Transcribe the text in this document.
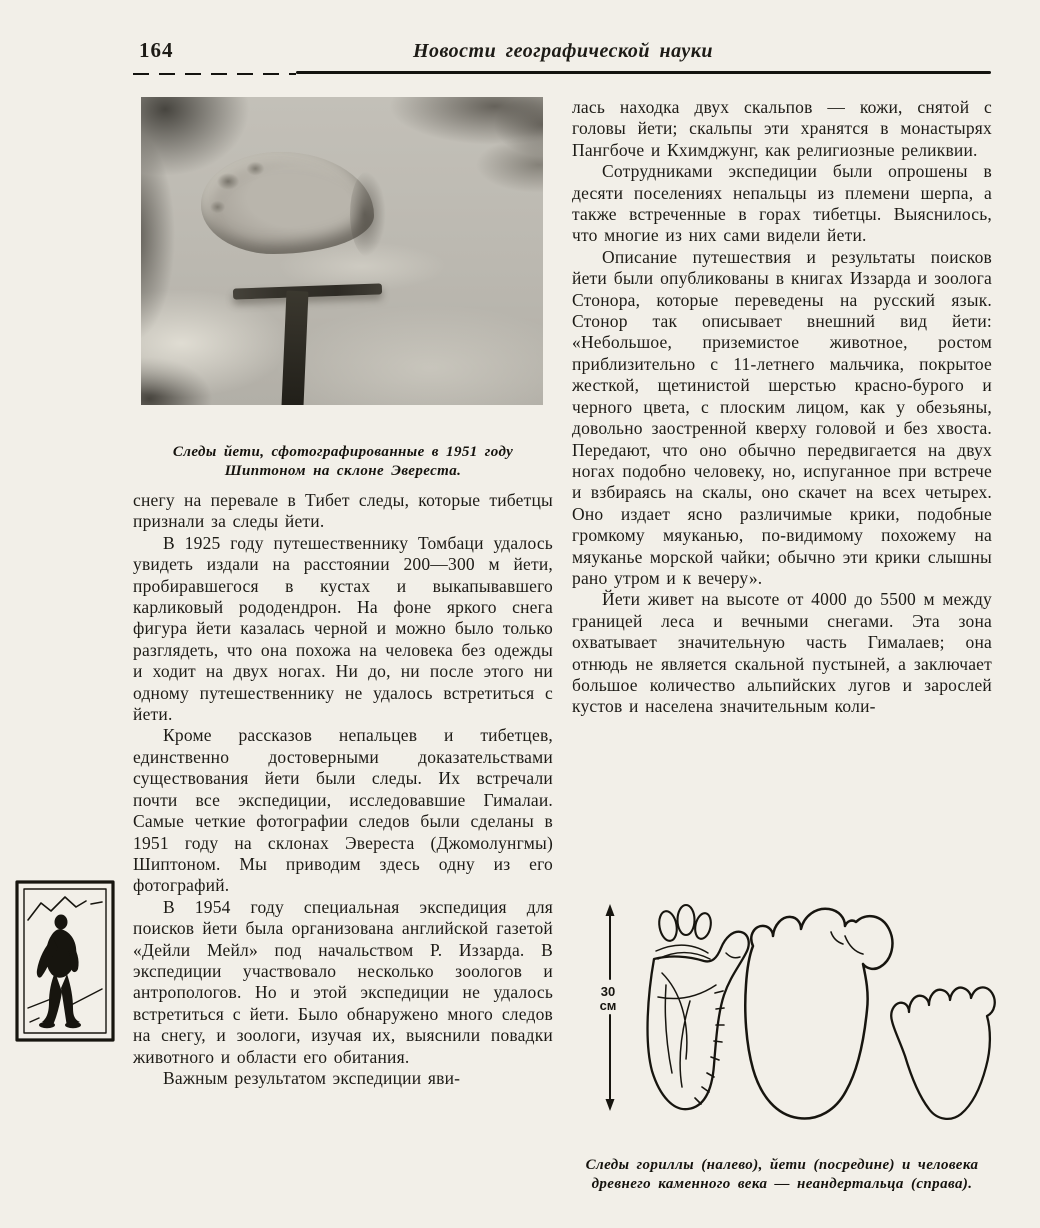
164	Новости географической науки

Следы йети, сфотографированные в 1951 году Шиптоном на склоне Эвереста.

снегу на перевале в Тибет следы, которые тибетцы признали за следы йети.

В 1925 году путешественнику Томбаци удалось увидеть издали на расстоянии 200—300 м йети, пробиравшегося в кустах и выкапывавшего карликовый рододендрон. На фоне яркого снега фигура йети казалась черной и можно было только разглядеть, что она похожа на человека без одежды и ходит на двух ногах. Ни до, ни после этого ни одному путешественнику не удалось встретиться с йети.

Кроме рассказов непальцев и тибетцев, единственно достоверными доказательствами существования йети были следы. Их встречали почти все экспедиции, исследовавшие Гималаи. Самые четкие фотографии следов были сделаны в 1951 году на склонах Эвереста (Джомолунгмы) Шиптоном. Мы приводим здесь одну из его фотографий.

В 1954 году специальная экспедиция для поисков йети была организована английской газетой «Дейли Мейл» под начальством Р. Иззарда. В экспедиции участвовало несколько зоологов и антропологов. Но и этой экспедиции не удалось встретиться с йети. Было обнаружено много следов на снегу, и зоологи, изучая их, выяснили повадки животного и области его обитания.

Важным результатом экспедиции яви-

лась находка двух скальпов — кожи, снятой с головы йети; скальпы эти хранятся в монастырях Пангбоче и Кхимджунг, как религиозные реликвии.

Сотрудниками экспедиции были опрошены в десяти поселениях непальцы из племени шерпа, а также встреченные в горах тибетцы. Выяснилось, что многие из них сами видели йети.

Описание путешествия и результаты поисков йети были опубликованы в книгах Иззарда и зоолога Стонора, которые переведены на русский язык. Стонор так описывает внешний вид йети: «Небольшое, приземистое животное, ростом приблизительно с 11-летнего мальчика, покрытое жесткой, щетинистой шерстью красно-бурого и черного цвета, с плоским лицом, как у обезьяны, довольно заостренной кверху головой и без хвоста. Передают, что оно обычно передвигается на двух ногах подобно человеку, но, испуганное при встрече и взбираясь на скалы, оно скачет на всех четырех. Оно издает ясно различимые крики, подобные громкому мяуканью, по-видимому похожему на мяуканье морской чайки; обычно эти крики слышны рано утром и к вечеру».

Йети живет на высоте от 4000 до 5500 м между границей леса и вечными снегами. Эта зона охватывает значительную часть Гималаев; она отнюдь не является скальной пустыней, а заключает большое количество альпийских лугов и зарослей кустов и населена значительным коли-

30
см

Следы гориллы (налево), йети (посредине) и человека древнего каменного века — неандертальца (справа).
